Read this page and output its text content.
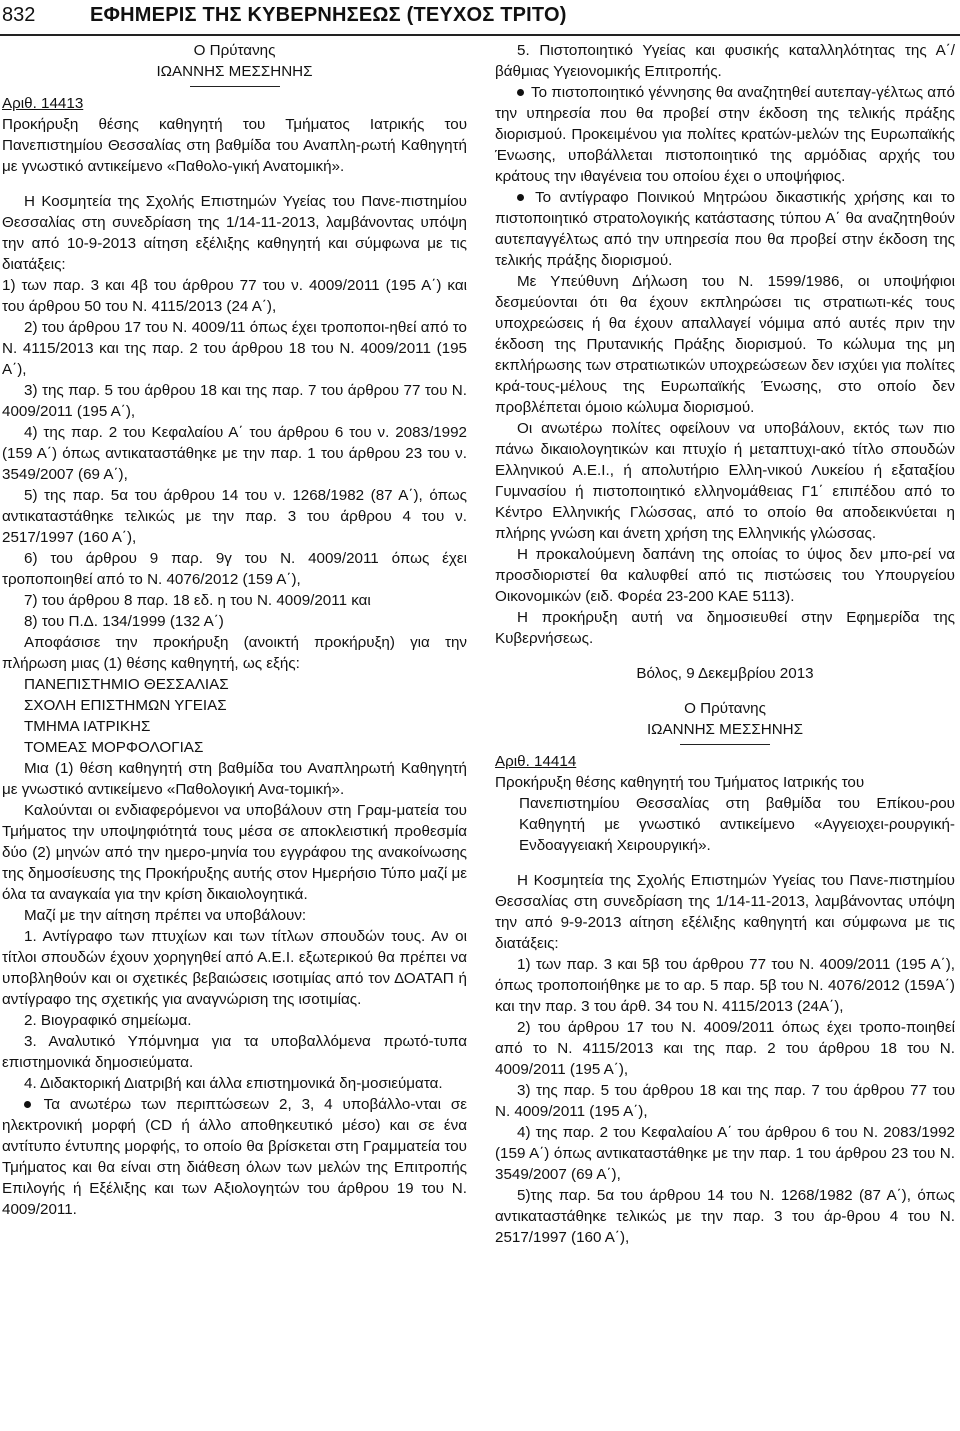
832	ΕΦΗΜΕΡΙΣ ΤΗΣ ΚΥΒΕΡΝΗΣΕΩΣ (ΤΕΥΧΟΣ ΤΡΙΤΟ)

Ο Πρύτανης

ΙΩΑΝΝΗΣ ΜΕΣΣΗΝΗΣ

Αριθ. 14413

Προκήρυξη θέσης καθηγητή του Τμήματος Ιατρικής του Πανεπιστημίου Θεσσαλίας στη βαθμίδα του Αναπλη-ρωτή Καθηγητή με γνωστικό αντικείμενο «Παθολο-γική Ανατομική».

Η Κοσμητεία της Σχολής Επιστημών Υγείας του Πανε-πιστημίου Θεσσαλίας στη συνεδρίαση της 1/14-11-2013, λαμβάνοντας υπόψη την από 10-9-2013 αίτηση εξέλιξης καθηγητή και σύμφωνα με τις διατάξεις:

1) των παρ. 3 και 4β του άρθρου 77 του ν. 4009/2011 (195 Α΄) και του άρθρου 50 του Ν. 4115/2013 (24 Α΄),

2) του άρθρου 17 του Ν. 4009/11 όπως έχει τροποποι-ηθεί από το Ν. 4115/2013 και της παρ. 2 του άρθρου 18 του Ν. 4009/2011 (195 Α΄),

3) της παρ. 5 του άρθρου 18 και της παρ. 7 του άρθρου 77 του Ν. 4009/2011 (195 Α΄),

4) της παρ. 2 του Κεφαλαίου Α΄ του άρθρου 6 του ν. 2083/1992 (159 Α΄) όπως αντικαταστάθηκε με την παρ. 1 του άρθρου 23 του ν. 3549/2007 (69 Α΄),

5) της παρ. 5α του άρθρου 14 του ν. 1268/1982 (87 Α΄), όπως αντικαταστάθηκε τελικώς με την παρ. 3 του άρθρου 4 του ν. 2517/1997 (160 Α΄),

6) του άρθρου 9 παρ. 9γ του Ν. 4009/2011 όπως έχει τροποποιηθεί από το Ν. 4076/2012 (159 Α΄),

7) του άρθρου 8 παρ. 18 εδ. η του Ν. 4009/2011 και

8) του Π.Δ. 134/1999 (132 Α΄)

Αποφάσισε την προκήρυξη (ανοικτή προκήρυξη) για την πλήρωση μιας (1) θέσης καθηγητή, ως εξής:

ΠΑΝΕΠΙΣΤΗΜΙΟ ΘΕΣΣΑΛΙΑΣ

ΣΧΟΛΗ ΕΠΙΣΤΗΜΩΝ ΥΓΕΙΑΣ

ΤΜΗΜΑ ΙΑΤΡΙΚΗΣ

ΤΟΜΕΑΣ ΜΟΡΦΟΛΟΓΙΑΣ

Μια (1) θέση καθηγητή στη βαθμίδα του Αναπληρωτή Καθηγητή με γνωστικό αντικείμενο «Παθολογική Ανα-τομική».

Καλούνται οι ενδιαφερόμενοι να υποβάλουν στη Γραμ-ματεία του Τμήματος την υποψηφιότητά τους μέσα σε αποκλειστική προθεσμία δύο (2) μηνών από την ημερο-μηνία του εγγράφου της ανακοίνωσης της δημοσίευσης της Προκήρυξης αυτής στον Ημερήσιο Τύπο μαζί με όλα τα αναγκαία για την κρίση δικαιολογητικά.

Μαζί με την αίτηση πρέπει να υποβάλουν:

1. Αντίγραφο των πτυχίων και των τίτλων σπουδών τους. Αν οι τίτλοι σπουδών έχουν χορηγηθεί από Α.Ε.Ι. εξωτερικού θα πρέπει να υποβληθούν και οι σχετικές βεβαιώσεις ισοτιμίας από τον ΔΟΑΤΑΠ ή αντίγραφο της σχετικής για αναγνώριση της ισοτιμίας.

2. Βιογραφικό σημείωμα.

3. Αναλυτικό Υπόμνημα για τα υποβαλλόμενα πρωτό-τυπα επιστημονικά δημοσιεύματα.

4. Διδακτορική Διατριβή και άλλα επιστημονικά δη-μοσιεύματα.

Τα ανωτέρω των περιπτώσεων 2, 3, 4 υποβάλλο-νται σε ηλεκτρονική μορφή (CD ή άλλο αποθηκευτικό μέσο) και σε ένα αντίτυπο έντυπης μορφής, το οποίο θα βρίσκεται στη Γραμματεία του Τμήματος και θα είναι στη διάθεση όλων των μελών της Επιτροπής Επιλογής ή Εξέλιξης και των Αξιολογητών του άρθρου 19 του Ν. 4009/2011.

5. Πιστοποιητικό Υγείας και φυσικής καταλληλότητας της Α΄/βάθμιας Υγειονομικής Επιτροπής.

Το πιστοποιητικό γέννησης θα αναζητηθεί αυτεπαγ-γέλτως από την υπηρεσία που θα προβεί στην έκδοση της τελικής πράξης διορισμού. Προκειμένου για πολίτες κρατών-μελών της Ευρωπαϊκής Ένωσης, υποβάλλεται πιστοποιητικό της αρμόδιας αρχής του κράτους την ιθαγένεια του οποίου έχει ο υποψήφιος.

Το αντίγραφο Ποινικού Μητρώου δικαστικής χρήσης και το πιστοποιητικό στρατολογικής κατάστασης τύπου Α΄ θα αναζητηθούν αυτεπαγγέλτως από την υπηρεσία που θα προβεί στην έκδοση της τελικής πράξης διορισμού.

Με Υπεύθυνη Δήλωση του Ν. 1599/1986, οι υποψήφιοι δεσμεύονται ότι θα έχουν εκπληρώσει τις στρατιωτι-κές τους υποχρεώσεις ή θα έχουν απαλλαγεί νόμιμα από αυτές πριν την έκδοση της Πρυτανικής Πράξης διορισμού. Το κώλυμα της μη εκπλήρωσης των στρατιωτικών υποχρεώσεων δεν ισχύει για πολίτες κρά-τους-μέλους της Ευρωπαϊκής Ένωσης, στο οποίο δεν προβλέπεται όμοιο κώλυμα διορισμού.

Οι ανωτέρω πολίτες οφείλουν να υποβάλουν, εκτός των πιο πάνω δικαιολογητικών και πτυχίο ή μεταπτυχι-ακό τίτλο σπουδών Ελληνικού Α.Ε.Ι., ή απολυτήριο Ελλη-νικού Λυκείου ή εξαταξίου Γυμνασίου ή πιστοποιητικό ελληνομάθειας Γ1΄ επιπέδου από το Κέντρο Ελληνικής Γλώσσας, από το οποίο θα αποδεικνύεται η πλήρης γνώση και άνετη χρήση της Ελληνικής γλώσσας.

Η προκαλούμενη δαπάνη της οποίας το ύψος δεν μπο-ρεί να προσδιοριστεί θα καλυφθεί από τις πιστώσεις του Υπουργείου Οικονομικών (ειδ. Φορέα 23-200 ΚΑΕ 5113).

Η προκήρυξη αυτή να δημοσιευθεί στην Εφημερίδα της Κυβερνήσεως.

Βόλος, 9 Δεκεμβρίου 2013

Ο Πρύτανης

ΙΩΑΝΝΗΣ ΜΕΣΣΗΝΗΣ

Αριθ. 14414

Προκήρυξη θέσης καθηγητή του Τμήματος Ιατρικής του

Πανεπιστημίου Θεσσαλίας στη βαθμίδα του Επίκου-ρου Καθηγητή με γνωστικό αντικείμενο «Αγγειοχει-ρουργική-Ενδοαγγειακή Χειρουργική».

Η Κοσμητεία της Σχολής Επιστημών Υγείας του Πανε-πιστημίου Θεσσαλίας στη συνεδρίαση της 1/14-11-2013, λαμβάνοντας υπόψη την από 9-9-2013 αίτηση εξέλιξης καθηγητή και σύμφωνα με τις διατάξεις:

1) των παρ. 3 και 5β του άρθρου 77 του Ν. 4009/2011 (195 Α΄), όπως τροποποιήθηκε με το αρ. 5 παρ. 5β του Ν. 4076/2012 (159Α΄) και την παρ. 3 του άρθ. 34 του Ν. 4115/2013 (24Α΄),

2) του άρθρου 17 του Ν. 4009/2011 όπως έχει τροπο-ποιηθεί από το Ν. 4115/2013 και της παρ. 2 του άρθρου 18 του Ν. 4009/2011 (195 Α΄),

3) της παρ. 5 του άρθρου 18 και της παρ. 7 του άρθρου 77 του Ν. 4009/2011 (195 Α΄),

4) της παρ. 2 του Κεφαλαίου Α΄ του άρθρου 6 του Ν. 2083/1992 (159 Α΄) όπως αντικαταστάθηκε με την παρ. 1 του άρθρου 23 του Ν. 3549/2007 (69 Α΄),

5)της παρ. 5α του άρθρου 14 του Ν. 1268/1982 (87 Α΄), όπως αντικαταστάθηκε τελικώς με την παρ. 3 του άρ-θρου 4 του Ν. 2517/1997 (160 Α΄),
